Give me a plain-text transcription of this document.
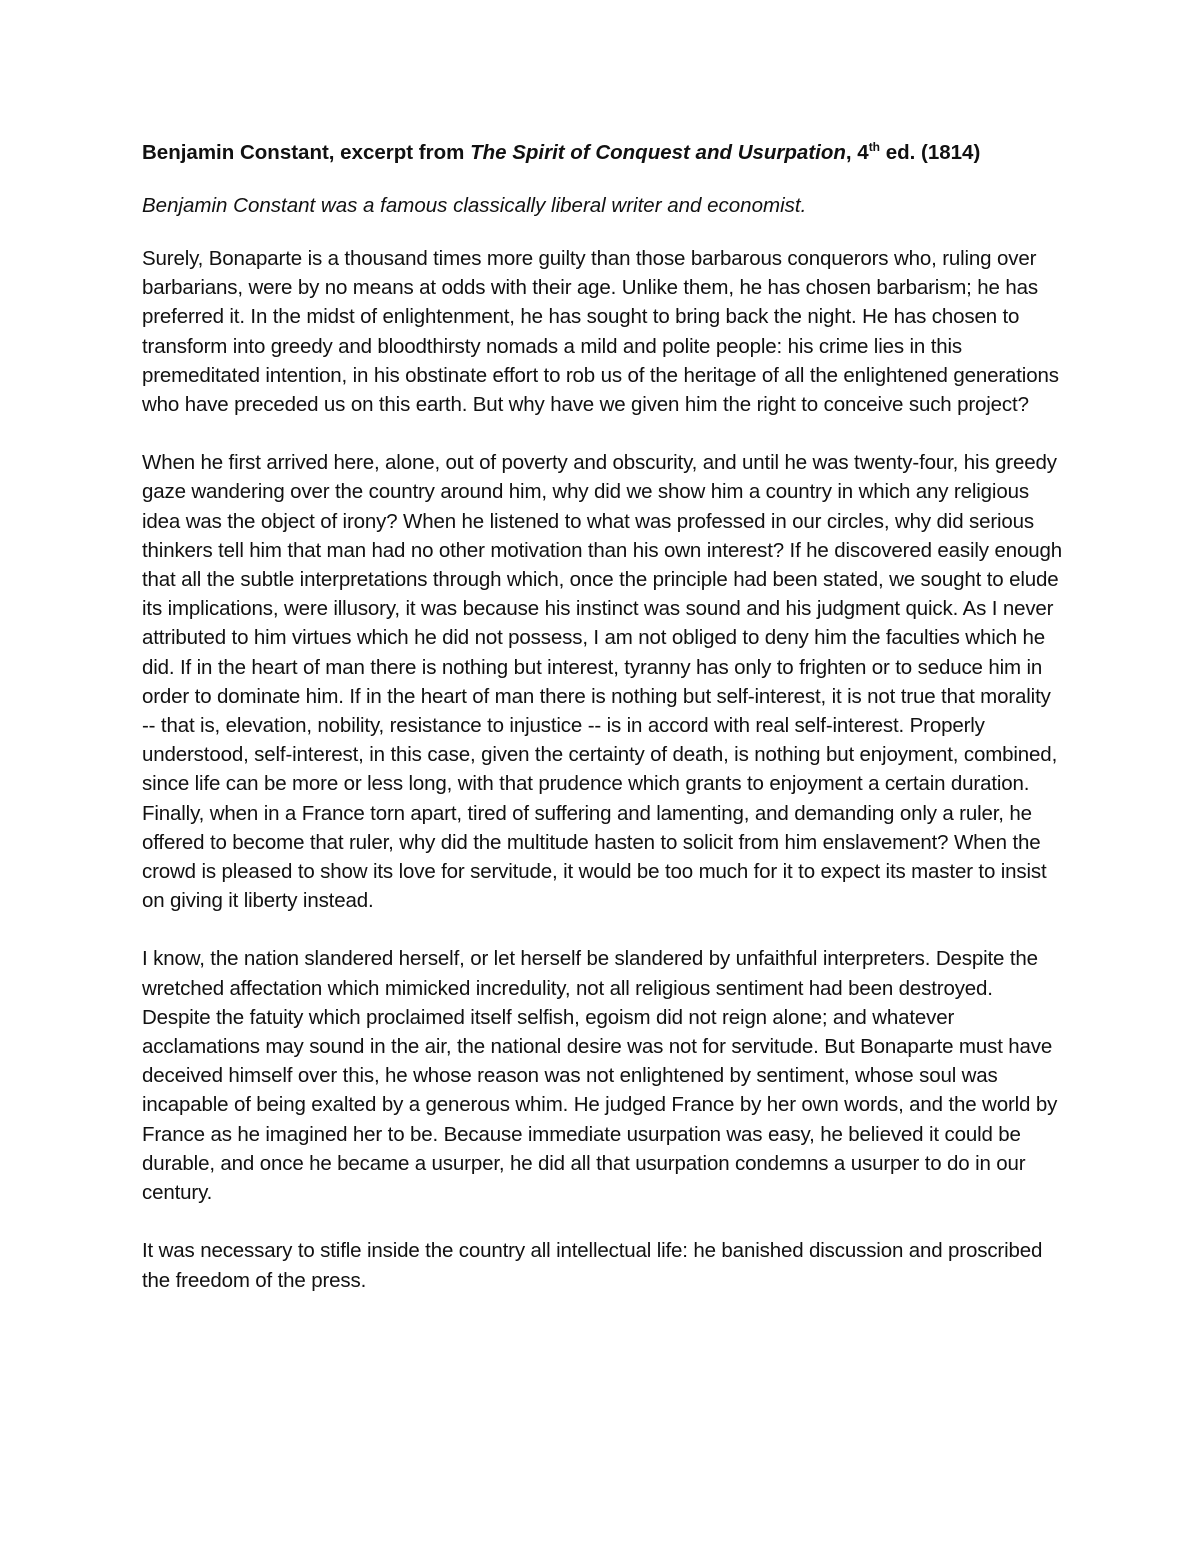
Benjamin Constant, excerpt from The Spirit of Conquest and Usurpation, 4th ed. (1814)

Benjamin Constant was a famous classically liberal writer and economist.

Surely, Bonaparte is a thousand times more guilty than those barbarous conquerors who, ruling over barbarians, were by no means at odds with their age. Unlike them, he has chosen barbarism; he has preferred it. In the midst of enlightenment, he has sought to bring back the night. He has chosen to transform into greedy and bloodthirsty nomads a mild and polite people: his crime lies in this premeditated intention, in his obstinate effort to rob us of the heritage of all the enlightened generations who have preceded us on this earth. But why have we given him the right to conceive such project?

When he first arrived here, alone, out of poverty and obscurity, and until he was twenty-four, his greedy gaze wandering over the country around him, why did we show him a country in which any religious idea was the object of irony? When he listened to what was professed in our circles, why did serious thinkers tell him that man had no other motivation than his own interest? If he discovered easily enough that all the subtle interpretations through which, once the principle had been stated, we sought to elude its implications, were illusory, it was because his instinct was sound and his judgment quick. As I never attributed to him virtues which he did not possess, I am not obliged to deny him the faculties which he did. If in the heart of man there is nothing but interest, tyranny has only to frighten or to seduce him in order to dominate him. If in the heart of man there is nothing but self-interest, it is not true that morality -- that is, elevation, nobility, resistance to injustice -- is in accord with real self-interest. Properly understood, self-interest, in this case, given the certainty of death, is nothing but enjoyment, combined, since life can be more or less long, with that prudence which grants to enjoyment a certain duration. Finally, when in a France torn apart, tired of suffering and lamenting, and demanding only a ruler, he offered to become that ruler, why did the multitude hasten to solicit from him enslavement? When the crowd is pleased to show its love for servitude, it would be too much for it to expect its master to insist on giving it liberty instead.

I know, the nation slandered herself, or let herself be slandered by unfaithful interpreters. Despite the wretched affectation which mimicked incredulity, not all religious sentiment had been destroyed. Despite the fatuity which proclaimed itself selfish, egoism did not reign alone; and whatever acclamations may sound in the air, the national desire was not for servitude. But Bonaparte must have deceived himself over this, he whose reason was not enlightened by sentiment, whose soul was incapable of being exalted by a generous whim. He judged France by her own words, and the world by France as he imagined her to be. Because immediate usurpation was easy, he believed it could be durable, and once he became a usurper, he did all that usurpation condemns a usurper to do in our century.

It was necessary to stifle inside the country all intellectual life: he banished discussion and proscribed the freedom of the press.
